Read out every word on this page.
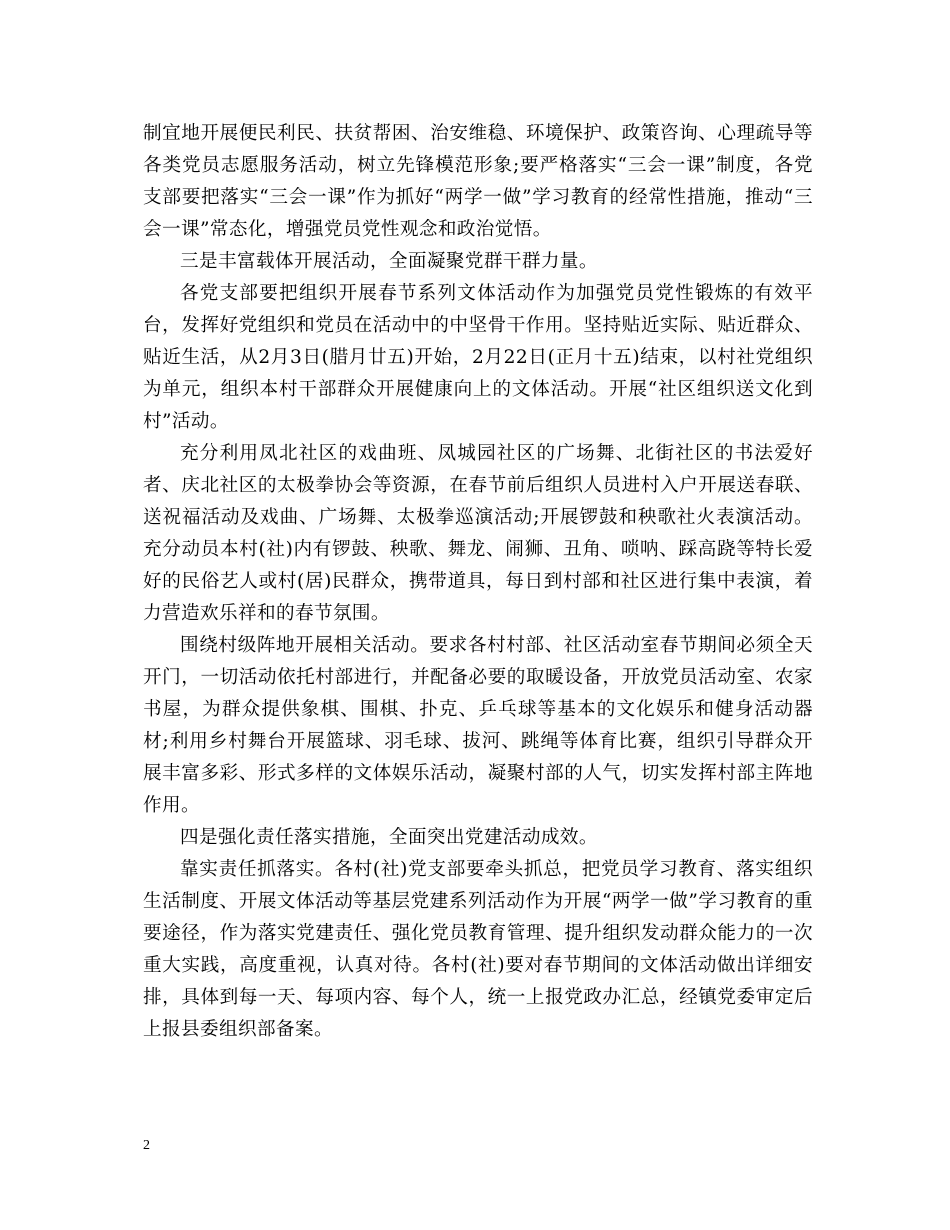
制宜地开展便民利民、扶贫帮困、治安维稳、环境保护、政策咨询、心理疏导等各类党员志愿服务活动，树立先锋模范形象;要严格落实“三会一课”制度，各党支部要把落实“三会一课”作为抓好“两学一做”学习教育的经常性措施，推动“三会一课”常态化，增强党员党性观念和政治觉悟。

三是丰富载体开展活动，全面凝聚党群干群力量。

各党支部要把组织开展春节系列文体活动作为加强党员党性锻炼的有效平台，发挥好党组织和党员在活动中的中坚骨干作用。坚持贴近实际、贴近群众、贴近生活，从2月3日(腊月廿五)开始，2月22日(正月十五)结束，以村社党组织为单元，组织本村干部群众开展健康向上的文体活动。开展“社区组织送文化到村”活动。

充分利用凤北社区的戏曲班、凤城园社区的广场舞、北街社区的书法爱好者、庆北社区的太极拳协会等资源，在春节前后组织人员进村入户开展送春联、送祝福活动及戏曲、广场舞、太极拳巡演活动;开展锣鼓和秧歌社火表演活动。充分动员本村(社)内有锣鼓、秧歌、舞龙、闹狮、丑角、唢呐、踩高跷等特长爱好的民俗艺人或村(居)民群众，携带道具，每日到村部和社区进行集中表演，着力营造欢乐祥和的春节氛围。

围绕村级阵地开展相关活动。要求各村村部、社区活动室春节期间必须全天开门，一切活动依托村部进行，并配备必要的取暖设备，开放党员活动室、农家书屋，为群众提供象棋、围棋、扑克、乒乓球等基本的文化娱乐和健身活动器材;利用乡村舞台开展篮球、羽毛球、拔河、跳绳等体育比赛，组织引导群众开展丰富多彩、形式多样的文体娱乐活动，凝聚村部的人气，切实发挥村部主阵地作用。

四是强化责任落实措施，全面突出党建活动成效。

靠实责任抓落实。各村(社)党支部要牵头抓总，把党员学习教育、落实组织生活制度、开展文体活动等基层党建系列活动作为开展“两学一做”学习教育的重要途径，作为落实党建责任、强化党员教育管理、提升组织发动群众能力的一次重大实践，高度重视，认真对待。各村(社)要对春节期间的文体活动做出详细安排，具体到每一天、每项内容、每个人，统一上报党政办汇总，经镇党委审定后上报县委组织部备案。

2
